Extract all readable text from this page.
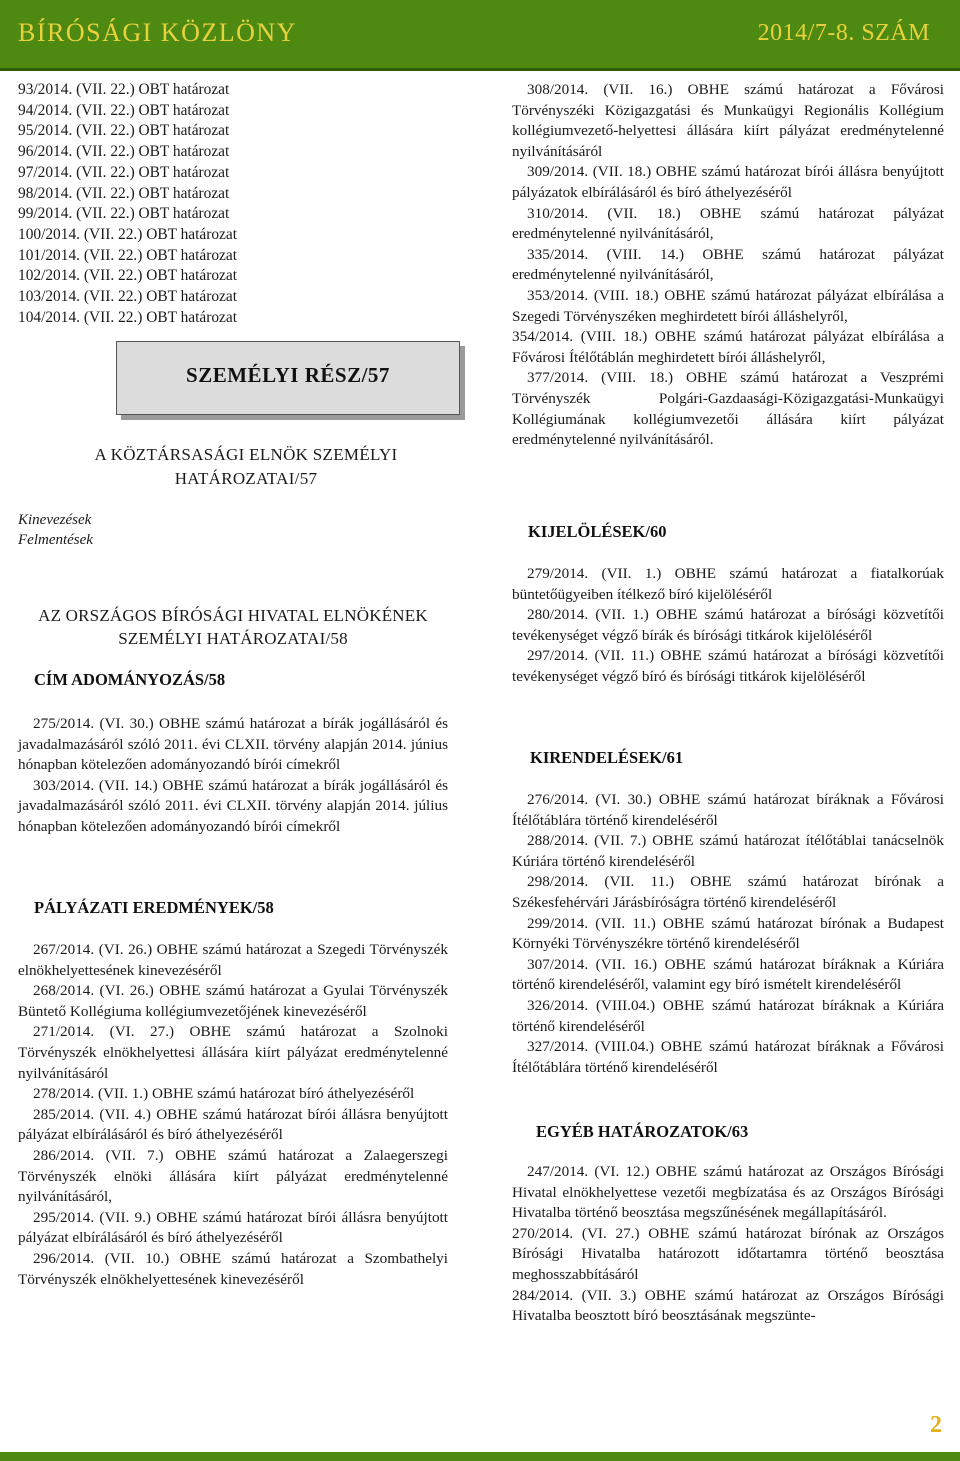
BÍRÓSÁGI KÖZLÖNY	2014/7-8. SZÁM
93/2014. (VII. 22.) OBT határozat
94/2014. (VII. 22.) OBT határozat
95/2014. (VII. 22.) OBT határozat
96/2014. (VII. 22.) OBT határozat
97/2014. (VII. 22.) OBT határozat
98/2014. (VII. 22.) OBT határozat
99/2014. (VII. 22.) OBT határozat
100/2014. (VII. 22.) OBT határozat
101/2014. (VII. 22.) OBT határozat
102/2014. (VII. 22.) OBT határozat
103/2014. (VII. 22.) OBT határozat
104/2014. (VII. 22.) OBT határozat
SZEMÉLYI RÉSZ/57
A KÖZTÁRSASÁGI ELNÖK SZEMÉLYI
HATÁROZATAI/57
Kinevezések
Felmentések
AZ ORSZÁGOS BÍRÓSÁGI HIVATAL ELNÖKÉNEK
SZEMÉLYI HATÁROZATAI/58
CÍM ADOMÁNYOZÁS/58
275/2014. (VI. 30.) OBHE számú határozat a bírák jogállásáról és javadalmazásáról szóló 2011. évi CLXII. törvény alapján 2014. június hónapban kötelezően adományozandó bírói címekről
303/2014. (VII. 14.) OBHE számú határozat a bírák jogállásáról és javadalmazásáról szóló 2011. évi CLXII. törvény alapján 2014. július hónapban kötelezően adományozandó bírói címekről
PÁLYÁZATI EREDMÉNYEK/58
267/2014. (VI. 26.) OBHE számú határozat a Szegedi Törvényszék elnökhelyettesének kinevezéséről
268/2014. (VI. 26.) OBHE számú határozat a Gyulai Törvényszék Büntető Kollégiuma kollégiumvezetőjének kinevezéséről
271/2014. (VI. 27.) OBHE számú határozat a Szolnoki Törvényszék elnökhelyettesi állására kiírt pályázat eredménytelenné nyilvánításáról
278/2014. (VII. 1.) OBHE számú határozat bíró áthelyezéséről
285/2014. (VII. 4.) OBHE számú határozat bírói állásra benyújtott pályázat elbírálásáról és bíró áthelyezéséről
286/2014. (VII. 7.) OBHE számú határozat a Zalaegerszegi Törvényszék elnöki állására kiírt pályázat eredménytelenné nyilvánításáról,
295/2014. (VII. 9.) OBHE számú határozat bírói állásra benyújtott pályázat elbírálásáról és bíró áthelyezéséről
296/2014. (VII. 10.) OBHE számú határozat a Szombathelyi Törvényszék elnökhelyettesének kinevezéséről
308/2014. (VII. 16.) OBHE számú határozat a Fővárosi Törvényszéki Közigazgatási és Munkaügyi Regionális Kollégium kollégiumvezető-helyettesi állására kiírt pályázat eredménytelenné nyilvánításáról
309/2014. (VII. 18.) OBHE számú határozat bírói állásra benyújtott pályázatok elbírálásáról és bíró áthelyezéséről
310/2014. (VII. 18.) OBHE számú határozat pályázat eredménytelenné nyilvánításáról,
335/2014. (VIII. 14.) OBHE számú határozat pályázat eredménytelenné nyilvánításáról,
353/2014. (VIII. 18.) OBHE számú határozat pályázat elbírálása a Szegedi Törvényszéken meghirdetett bírói álláshelyről,
354/2014. (VIII. 18.) OBHE számú határozat pályázat elbírálása a Fővárosi Ítélőtáblán meghirdetett bírói álláshelyről,
377/2014. (VIII. 18.) OBHE számú határozat a Veszprémi Törvényszék Polgári-Gazdaasági-Közigazgatási-Munkaügyi Kollégiumának kollégiumvezetői állására kiírt pályázat eredménytelenné nyilvánításáról.
KIJELÖLÉSEK/60
279/2014. (VII. 1.) OBHE számú határozat a fiatalkorúak büntetőügyeiben ítélkező bíró kijelöléséről
280/2014. (VII. 1.) OBHE számú határozat a bírósági közvetítői tevékenységet végző bírák és bírósági titkárok kijelöléséről
297/2014. (VII. 11.) OBHE számú határozat a bírósági közvetítői tevékenységet végző bíró és bírósági titkárok kijelöléséről
KIRENDELÉSEK/61
276/2014. (VI. 30.) OBHE számú határozat bíráknak a Fővárosi Ítélőtáblára történő kirendeléséről
288/2014. (VII. 7.) OBHE számú határozat ítélőtáblai tanácselnök Kúriára történő kirendeléséről
298/2014. (VII. 11.) OBHE számú határozat bírónak a Székesfehérvári Járásbíróságra történő kirendeléséről
299/2014. (VII. 11.) OBHE számú határozat bírónak a Budapest Környéki Törvényszékre történő kirendeléséről
307/2014. (VII. 16.) OBHE számú határozat bíráknak a Kúriára történő kirendeléséről, valamint egy bíró ismételt kirendeléséről
326/2014. (VIII.04.) OBHE számú határozat bíráknak a Kúriára történő kirendeléséről
327/2014. (VIII.04.) OBHE számú határozat bíráknak a Fővárosi Ítélőtáblára történő kirendeléséről
EGYÉB HATÁROZATOK/63
247/2014. (VI. 12.) OBHE számú határozat az Országos Bírósági Hivatal elnökhelyettese vezetői megbízatása és az Országos Bírósági Hivatalba történő beosztása megszűnésének megállapításáról.
270/2014. (VI. 27.) OBHE számú határozat bírónak az Országos Bírósági Hivatalba határozott időtartamra történő beosztása meghosszabbításáról
284/2014. (VII. 3.) OBHE számú határozat az Országos Bírósági Hivatalba beosztott bíró beosztásának megszünte-
2
